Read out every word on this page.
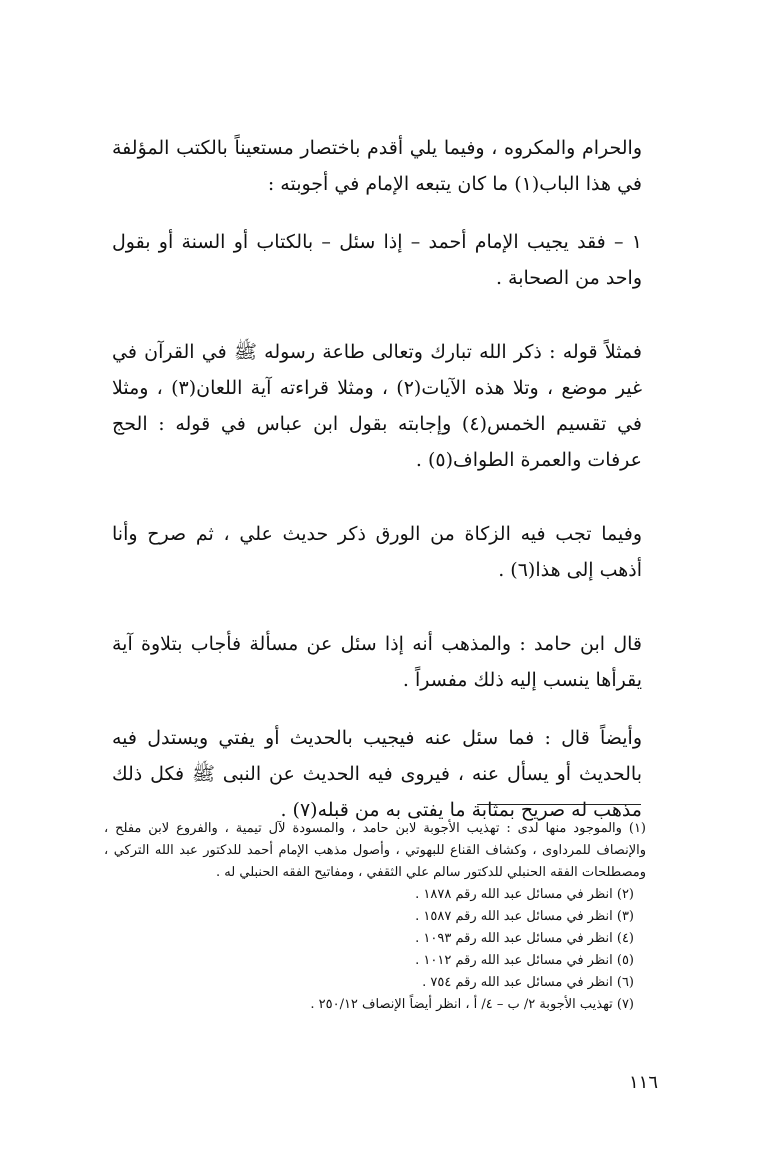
والحرام والمكروه ، وفيما يلي أقدم باختصار مستعيناً بالكتب المؤلفة في هذا الباب(١) ما كان يتبعه الإمام في أجوبته :

١ – فقد يجيب الإمام أحمد – إذا سئل – بالكتاب أو السنة أو بقول واحد من الصحابة .

فمثلاً قوله : ذكر الله تبارك وتعالى طاعة رسوله ﷺ في القرآن في غير موضع ، وتلا هذه الآيات(٢) ، ومثلا قراءته آية اللعان(٣) ، ومثلا في تقسيم الخمس(٤) وإجابته بقول ابن عباس في قوله : الحج عرفات والعمرة الطواف(٥) .

وفيما تجب فيه الزكاة من الورق ذكر حديث علي ، ثم صرح وأنا أذهب إلى هذا(٦) .

قال ابن حامد : والمذهب أنه إذا سئل عن مسألة فأجاب بتلاوة آية يقرأها ينسب إليه ذلك مفسراً .

وأيضاً قال : فما سئل عنه فيجيب بالحديث أو يفتي ويستدل فيه بالحديث أو يسأل عنه ، فيروى فيه الحديث عن النبى ﷺ فكل ذلك مذهب له صريح بمثابة ما يفتى به من قبله(٧) .

(١) والموجود منها لدى : تهذيب الأجوبة لابن حامد ، والمسودة لآل تيمية ، والفروع لابن مفلح ، والإنصاف للمرداوى ، وكشاف القناع للبهوتي ، وأصول مذهب الإمام أحمد للدكتور عبد الله التركي ، ومصطلحات الفقه الحنبلي للدكتور سالم علي الثقفي ، ومفاتيح الفقه الحنبلي له .

(٢) انظر في مسائل عبد الله رقم ١٨٧٨ .

(٣) انظر في مسائل عبد الله رقم ١٥٨٧ .

(٤) انظر في مسائل عبد الله رقم ١٠٩٣ .

(٥) انظر في مسائل عبد الله رقم ١٠١٢ .

(٦) انظر في مسائل عبد الله رقم ٧٥٤ .

(٧) تهذيب الأجوبة ٢/ ب – ٤/ أ ، انظر أيضاً الإنصاف ٢٥٠/١٢ .

١١٦
